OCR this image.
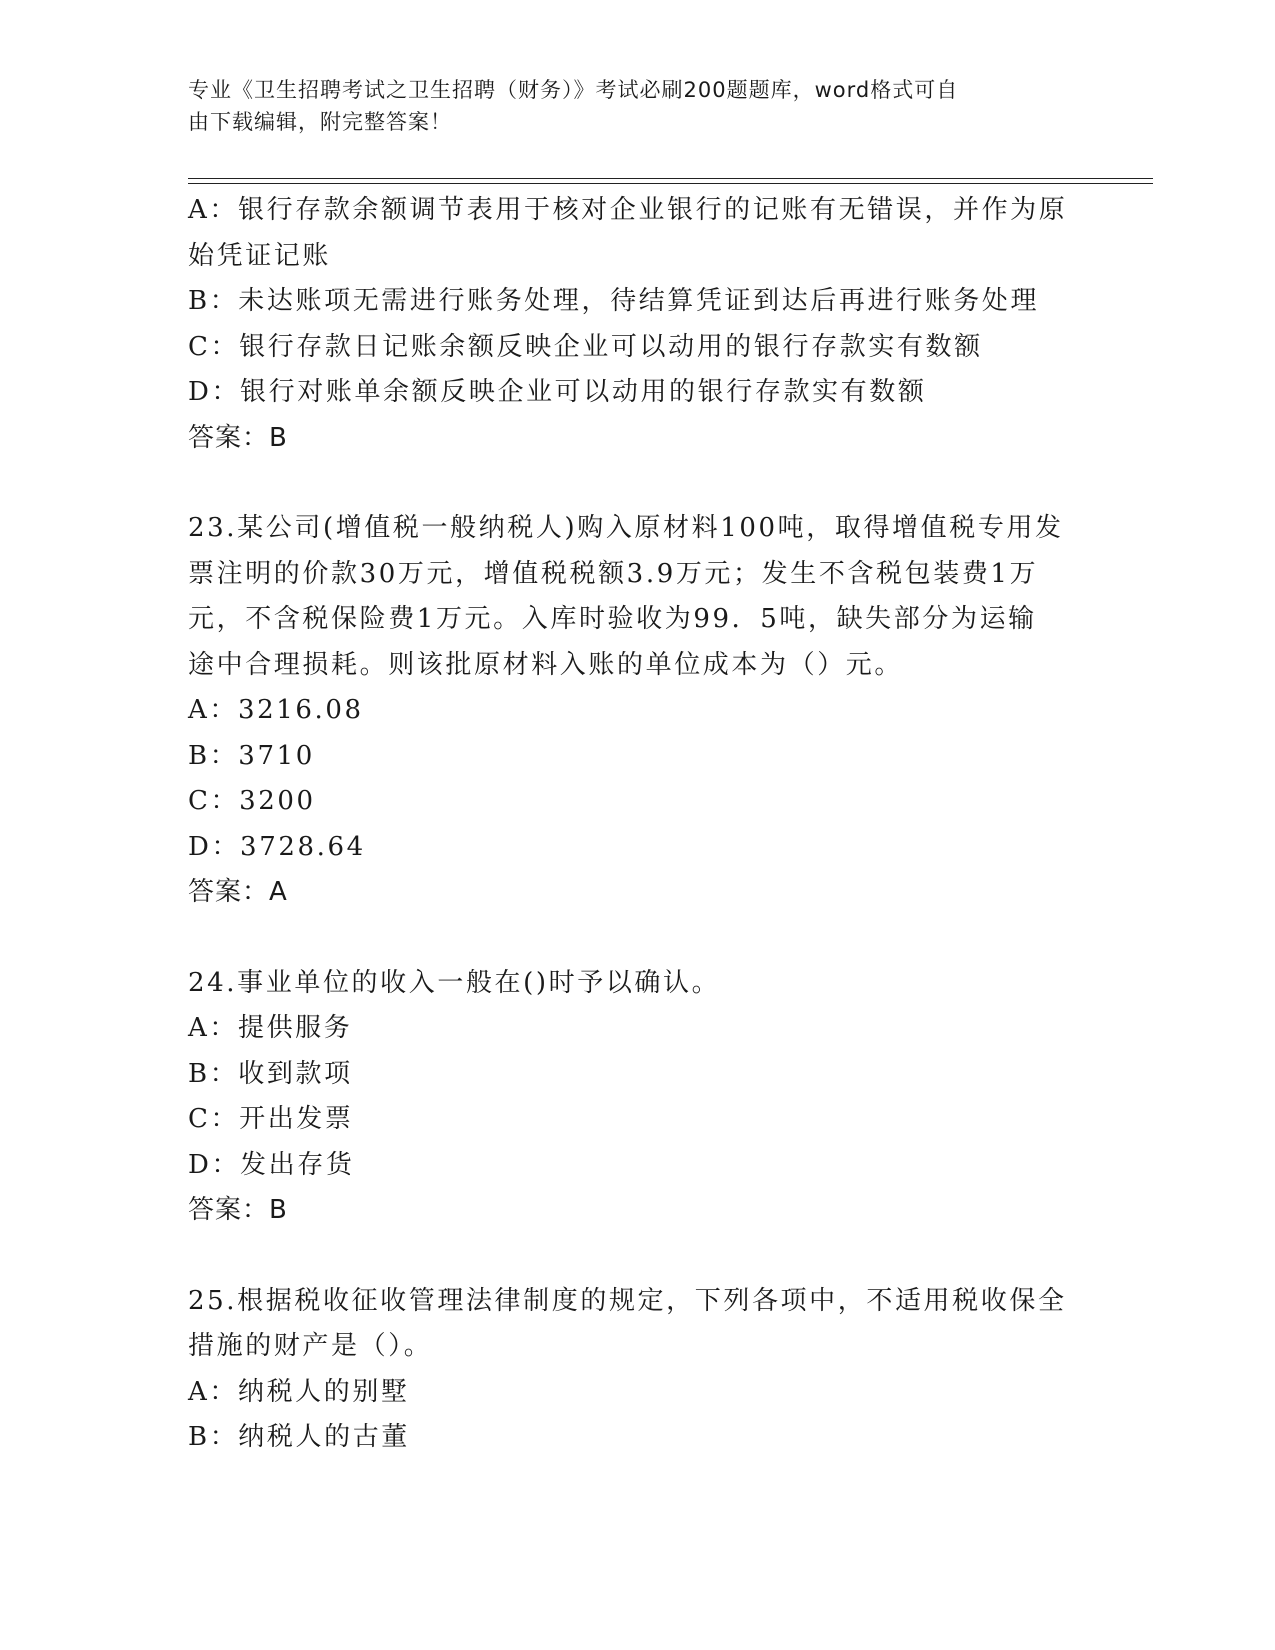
专业《卫生招聘考试之卫生招聘（财务）》考试必刷200题题库，word格式可自
由下载编辑，附完整答案！
A：银行存款余额调节表用于核对企业银行的记账有无错误，并作为原
始凭证记账
B：未达账项无需进行账务处理，待结算凭证到达后再进行账务处理
C：银行存款日记账余额反映企业可以动用的银行存款实有数额
D：银行对账单余额反映企业可以动用的银行存款实有数额
答案：B
23.某公司(增值税一般纳税人)购入原材料100吨，取得增值税专用发
票注明的价款30万元，增值税税额3.9万元；发生不含税包装费1万
元，不含税保险费1万元。入库时验收为99．5吨，缺失部分为运输
途中合理损耗。则该批原材料入账的单位成本为（）元。
A：3216.08
B：3710
C：3200
D：3728.64
答案：A
24.事业单位的收入一般在()时予以确认。
A：提供服务
B：收到款项
C：开出发票
D：发出存货
答案：B
25.根据税收征收管理法律制度的规定，下列各项中，不适用税收保全
措施的财产是（）。
A：纳税人的别墅
B：纳税人的古董
